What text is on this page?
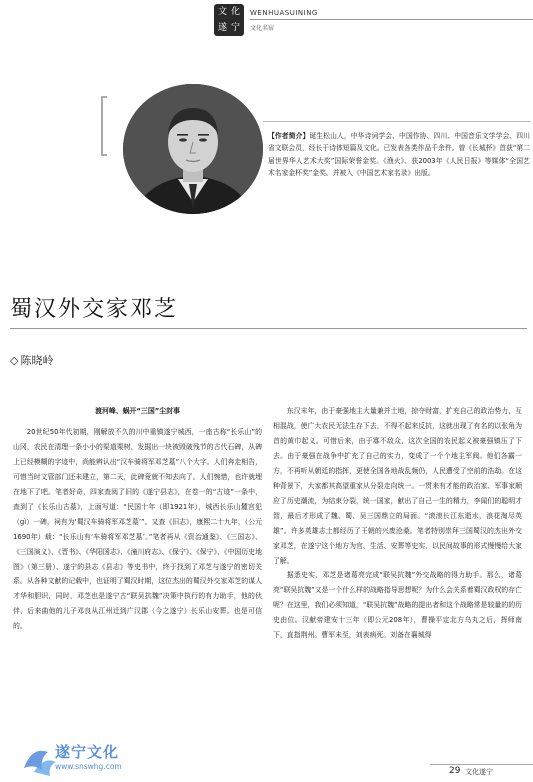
文 化
遂 宁
WENHUASUINING
文化名宿
【作者简介】诞生松山人，中华诗词学会、中国作协、四川、中国音乐文学学会、四川省文联会员，经长于诗体短篇及文化。已发表各类作品千余件。曾《长城杯》首获“第二届世界华人艺术大奖”国际荣誉金奖。《渔火》、获2003年《人民日报》等媒体“全国艺术名家金杯奖”金奖。并被入《中国艺术家名录》出版。
蜀汉外交家邓芝
◇ 陈晓岭
渡河峰、蜗开“三国”尘封事

20世纪50年代初期，刚解放不久的川中重镇遂宁城西，一座古称“长乐山”的山冈，农民在清理一条小小的渠道栗树，发掘出一块被毁破残节的古代石碑，从碑上已经模糊的字迹中，尚能辨认出“汉车骑将军邓芝墓”八个大字。人们奔走相告，可惜当时文管部门还未建立，第二天，此碑竟就不知去向了。人们惋惜，也许就埋在地下了吧。笔者好奇，四家查阅了旧的《遂宁县志》，在卷一的“古迹”一条中，查到了《长乐山古墓》，上面写道：“民国十年（即1921年），城西长乐山麓宫犯（gì）一碑，祠有为‘蜀汉车骑将军邓芝墓’”。又查《旧志》，康熙二十九年，（公元1690年）载：“长乐山有‘车骑将军邓芝墓’。”笔者再从《资治通鉴》、《三国志》、《三国演义》、《晋书》、《华阳国志》、《潼川府志》、《保宁》、《保宁》、《中国历史地图》（第三册）、遂宁的县志《县志》等史书中，终于找到了邓芝与遂宁的密切关系。从各种文献的记载中，也证明了蜀汉时期，这位杰出的蜀汉外交家邓芝的谋人才华和胆识，同时，邓芝也是遂宁古“联吴抗魏”决策中执行的有力助手，他的伙伴，后来曲他的儿子邓良从江州迁到广汉郡（今之遂宁）长乐山安葬。也是可信的。

东汉末年，由于豪强地主大量兼并土地，掠夺财富，扩充自己的政治势力，互相混战，使广大农民无法生存下去，不得不起来反抗，这就出现了有名的以张角为首的黄巾起义。可惜后来，由于寡不敌众，这次全国的农民起义被豪强镇压了下去。由于豪强在战争中扩充了自己的实力，变成了一个个地主军阀。他们各霸一方，不再听从朝廷的指挥，更使全国各地战乱频仍，人民遭受了空前的浩劫。在这种背景下，大家都其高望重家从分裂走向统一。一贯来有才能的政治家、军事家顺应了历史潮流，为结束分裂，统一国家，献出了自己一生的精力，李闻们的聪明才智，最后才形成了魏、蜀、吴三国鼎立的局面。“滚滚长江东逝水，浪花淘尽英雄”。许多英雄志士都经历了王朝的兴废沧桑。笔者特别崇拜三国蜀汉的杰出外交家邓芝，在遂宁这个地方为官、生活、安葬等史实，以民间故事的形式慢慢给大家了解。

据悉史实，邓芝是诸葛亮完成“联吴抗魏”外交战略的得力助手。那么，诸葛亮“联吴抗魏”又是一个什么样的战略指导思想呢？为什么会关系着蜀汉政权的存亡呢？在这里，我们必须知道，“联吴抗魏”战略的提出者和这个战略常是较量的的历史由位。汉献帝建安十三年（即公元208年），曹操平定北方乌丸之后，挥师南下，直指荆州。曹军未至，刘表病死。刘备在襄城得

29 文化遂宁
遂宁文化
www.snswhg.com
